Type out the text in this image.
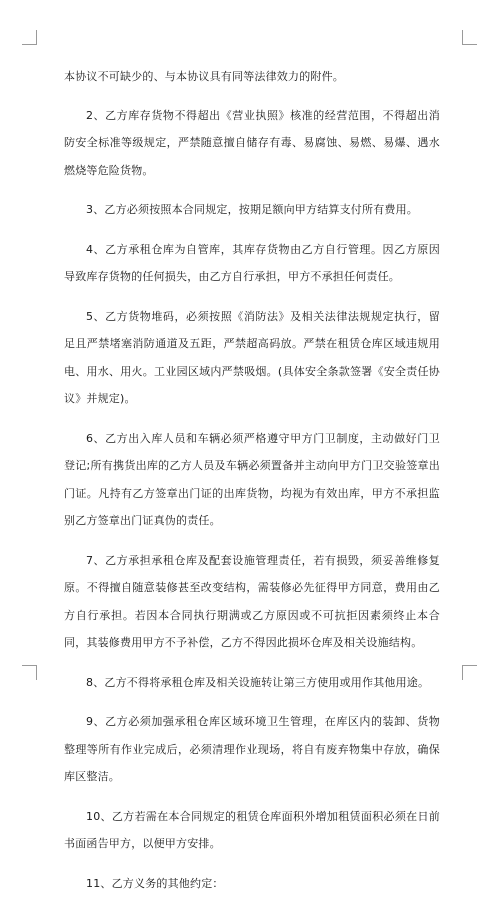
本协议不可缺少的、与本协议具有同等法律效力的附件。

2、乙方库存货物不得超出《营业执照》核准的经营范围，不得超出消防安全标准等级规定，严禁随意擅自储存有毒、易腐蚀、易燃、易爆、遇水燃烧等危险货物。

3、乙方必须按照本合同规定，按期足额向甲方结算支付所有费用。

4、乙方承租仓库为自管库，其库存货物由乙方自行管理。因乙方原因导致库存货物的任何损失，由乙方自行承担，甲方不承担任何责任。

5、乙方货物堆码，必须按照《消防法》及相关法律法规规定执行，留足且严禁堵塞消防通道及五距，严禁超高码放。严禁在租赁仓库区域违规用电、用水、用火。工业园区域内严禁吸烟。(具体安全条款签署《安全责任协议》并规定)。

6、乙方出入库人员和车辆必须严格遵守甲方门卫制度，主动做好门卫登记;所有携货出库的乙方人员及车辆必须置备并主动向甲方门卫交验签章出门证。凡持有乙方签章出门证的出库货物，均视为有效出库，甲方不承担监别乙方签章出门证真伪的责任。

7、乙方承担承租仓库及配套设施管理责任，若有损毁，须妥善维修复原。不得擅自随意装修甚至改变结构，需装修必先征得甲方同意，费用由乙方自行承担。若因本合同执行期满或乙方原因或不可抗拒因素须终止本合同，其装修费用甲方不予补偿，乙方不得因此损坏仓库及相关设施结构。

8、乙方不得将承租仓库及相关设施转让第三方使用或用作其他用途。

9、乙方必须加强承租仓库区域环境卫生管理，在库区内的装卸、货物整理等所有作业完成后，必须清理作业现场，将自有废弃物集中存放，确保库区整洁。

10、乙方若需在本合同规定的租赁仓库面积外增加租赁面积必须在日前书面函告甲方，以便甲方安排。

11、乙方义务的其他约定：
